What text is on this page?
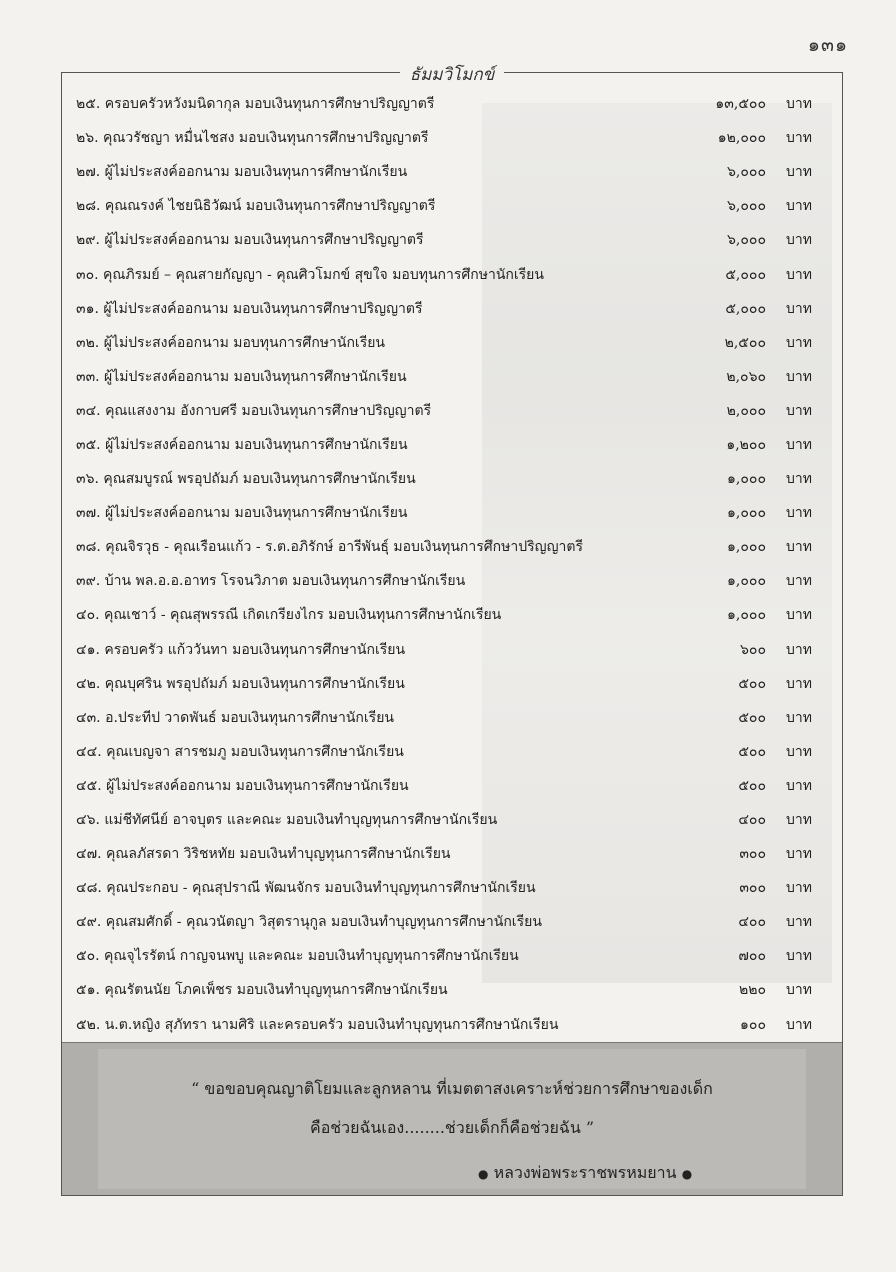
๑๓๑
ธัมมวิโมกข์
๒๕. ครอบครัวหวังมนิดากุล มอบเงินทุนการศึกษาปริญญาตรี	๑๓,๕๐๐ บาท
๒๖. คุณวรัชญา หมื่นไชสง มอบเงินทุนการศึกษาปริญญาตรี	๑๒,๐๐๐ บาท
๒๗. ผู้ไม่ประสงค์ออกนาม มอบเงินทุนการศึกษานักเรียน	๖,๐๐๐ บาท
๒๘. คุณณรงค์ ไชยนิธิวัฒน์ มอบเงินทุนการศึกษาปริญญาตรี	๖,๐๐๐ บาท
๒๙. ผู้ไม่ประสงค์ออกนาม มอบเงินทุนการศึกษาปริญญาตรี	๖,๐๐๐ บาท
๓๐. คุณภิรมย์ – คุณสายกัญญา - คุณศิวโมกข์ สุขใจ มอบทุนการศึกษานักเรียน	๕,๐๐๐ บาท
๓๑. ผู้ไม่ประสงค์ออกนาม มอบเงินทุนการศึกษาปริญญาตรี	๕,๐๐๐ บาท
๓๒. ผู้ไม่ประสงค์ออกนาม มอบทุนการศึกษานักเรียน	๒,๕๐๐ บาท
๓๓. ผู้ไม่ประสงค์ออกนาม มอบเงินทุนการศึกษานักเรียน	๒,๐๖๐ บาท
๓๔. คุณแสงงาม อังกาบศรี มอบเงินทุนการศึกษาปริญญาตรี	๒,๐๐๐ บาท
๓๕. ผู้ไม่ประสงค์ออกนาม มอบเงินทุนการศึกษานักเรียน	๑,๒๐๐ บาท
๓๖. คุณสมบูรณ์ พรอุปถัมภ์ มอบเงินทุนการศึกษานักเรียน	๑,๐๐๐ บาท
๓๗. ผู้ไม่ประสงค์ออกนาม มอบเงินทุนการศึกษานักเรียน	๑,๐๐๐ บาท
๓๘. คุณจิรวุธ - คุณเรือนแก้ว - ร.ต.อภิรักษ์ อารีพันธุ์ มอบเงินทุนการศึกษาปริญญาตรี	๑,๐๐๐ บาท
๓๙. บ้าน พล.อ.อ.อาทร โรจนวิภาต มอบเงินทุนการศึกษานักเรียน	๑,๐๐๐ บาท
๔๐. คุณเชาว์ - คุณสุพรรณี เกิดเกรียงไกร มอบเงินทุนการศึกษานักเรียน	๑,๐๐๐ บาท
๔๑. ครอบครัว แก้ววันทา มอบเงินทุนการศึกษานักเรียน	๖๐๐ บาท
๔๒. คุณบุศริน พรอุปถัมภ์ มอบเงินทุนการศึกษานักเรียน	๕๐๐ บาท
๔๓. อ.ประทีป วาดพันธ์ มอบเงินทุนการศึกษานักเรียน	๕๐๐ บาท
๔๔. คุณเบญจา สารชมภู มอบเงินทุนการศึกษานักเรียน	๕๐๐ บาท
๔๕. ผู้ไม่ประสงค์ออกนาม มอบเงินทุนการศึกษานักเรียน	๕๐๐ บาท
๔๖. แม่ชีทัศนีย์ อาจบุตร และคณะ มอบเงินทำบุญทุนการศึกษานักเรียน	๔๐๐ บาท
๔๗. คุณลภัสรดา วิริชหทัย มอบเงินทำบุญทุนการศึกษานักเรียน	๓๐๐ บาท
๔๘. คุณประกอบ - คุณสุปราณี พัฒนจักร มอบเงินทำบุญทุนการศึกษานักเรียน	๓๐๐ บาท
๔๙. คุณสมศักดิ์ - คุณวนัตญา วิสุตรานุกูล มอบเงินทำบุญทุนการศึกษานักเรียน	๔๐๐ บาท
๕๐. คุณจุไรรัตน์ กาญจนพบู และคณะ มอบเงินทำบุญทุนการศึกษานักเรียน	๗๐๐ บาท
๕๑. คุณรัตนนัย โภคเพ็ชร มอบเงินทำบุญทุนการศึกษานักเรียน	๒๒๐ บาท
๕๒. น.ต.หญิง สุภัทรา นามศิริ และครอบครัว มอบเงินทำบุญทุนการศึกษานักเรียน	๑๐๐ บาท
“ ขอขอบคุณญาติโยมและลูกหลาน ที่เมตตาสงเคราะห์ช่วยการศึกษาของเด็ก
คือช่วยฉันเอง........ช่วยเด็กก็คือช่วยฉัน ”
● หลวงพ่อพระราชพรหมยาน ●
